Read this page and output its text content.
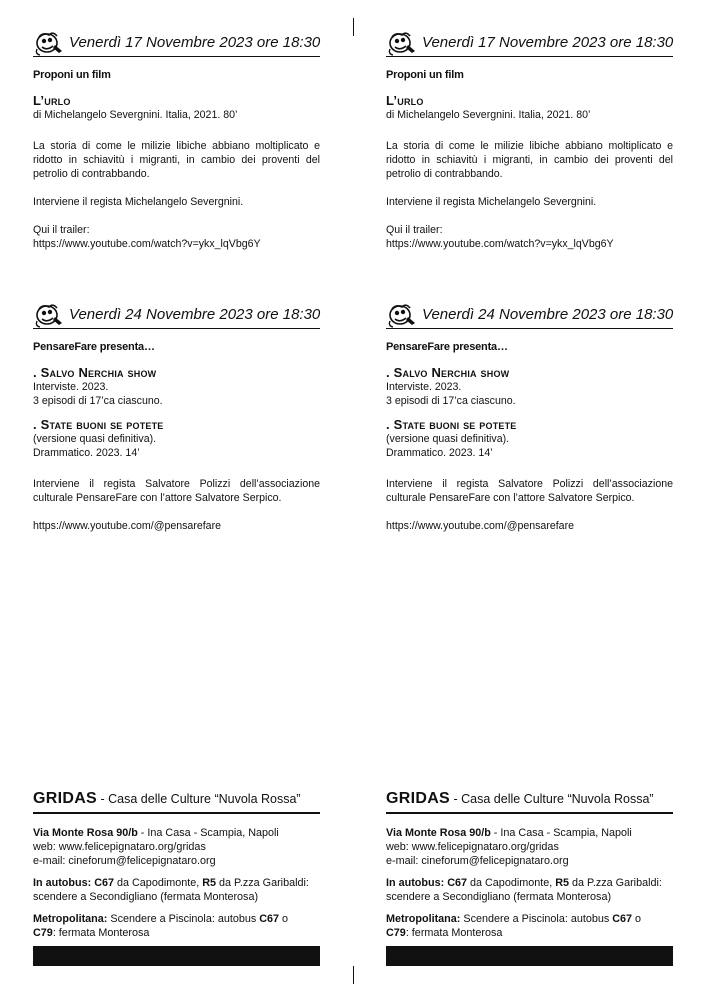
Venerdì 17 Novembre 2023 ore 18:30
Proponi un film
L’urlo
di Michelangelo Severgnini. Italia, 2021. 80’
La storia di come le milizie libiche abbiano moltiplicato e ridotto in schiavitù i migranti, in cambio dei proventi del petrolio di contrabbando.
Interviene il regista Michelangelo Severgnini.
Qui il trailer:
https://www.youtube.com/watch?v=ykx_lqVbg6Y
Venerdì 24 Novembre 2023 ore 18:30
PensareFare presenta…
. Salvo Nerchia show
Interviste. 2023.
3 episodi di 17’ca ciascuno.
. State buoni se potete
(versione quasi definitiva).
Drammatico. 2023. 14’
Interviene il regista Salvatore Polizzi dell’associazione culturale PensareFare con l’attore Salvatore Serpico.
https://www.youtube.com/@pensarefare
GRIDAS - Casa delle Culture “Nuvola Rossa”
Via Monte Rosa 90/b - Ina Casa - Scampia, Napoli
web: www.felicepignataro.org/gridas
e-mail: cineforum@felicepignataro.org
In autobus: C67 da Capodimonte, R5 da P.zza Garibaldi:
scendere a Secondigliano (fermata Monterosa)
Metropolitana: Scendere a Piscinola: autobus C67 o
C79: fermata Monterosa
Venerdì 17 Novembre 2023 ore 18:30
Proponi un film
L’urlo
di Michelangelo Severgnini. Italia, 2021. 80’
La storia di come le milizie libiche abbiano moltiplicato e ridotto in schiavitù i migranti, in cambio dei proventi del petrolio di contrabbando.
Interviene il regista Michelangelo Severgnini.
Qui il trailer:
https://www.youtube.com/watch?v=ykx_lqVbg6Y
Venerdì 24 Novembre 2023 ore 18:30
PensareFare presenta…
. Salvo Nerchia show
Interviste. 2023.
3 episodi di 17’ca ciascuno.
. State buoni se potete
(versione quasi definitiva).
Drammatico. 2023. 14’
Interviene il regista Salvatore Polizzi dell’associazione culturale PensareFare con l’attore Salvatore Serpico.
https://www.youtube.com/@pensarefare
GRIDAS - Casa delle Culture “Nuvola Rossa”
Via Monte Rosa 90/b - Ina Casa - Scampia, Napoli
web: www.felicepignataro.org/gridas
e-mail: cineforum@felicepignataro.org
In autobus: C67 da Capodimonte, R5 da P.zza Garibaldi:
scendere a Secondigliano (fermata Monterosa)
Metropolitana: Scendere a Piscinola: autobus C67 o
C79: fermata Monterosa
